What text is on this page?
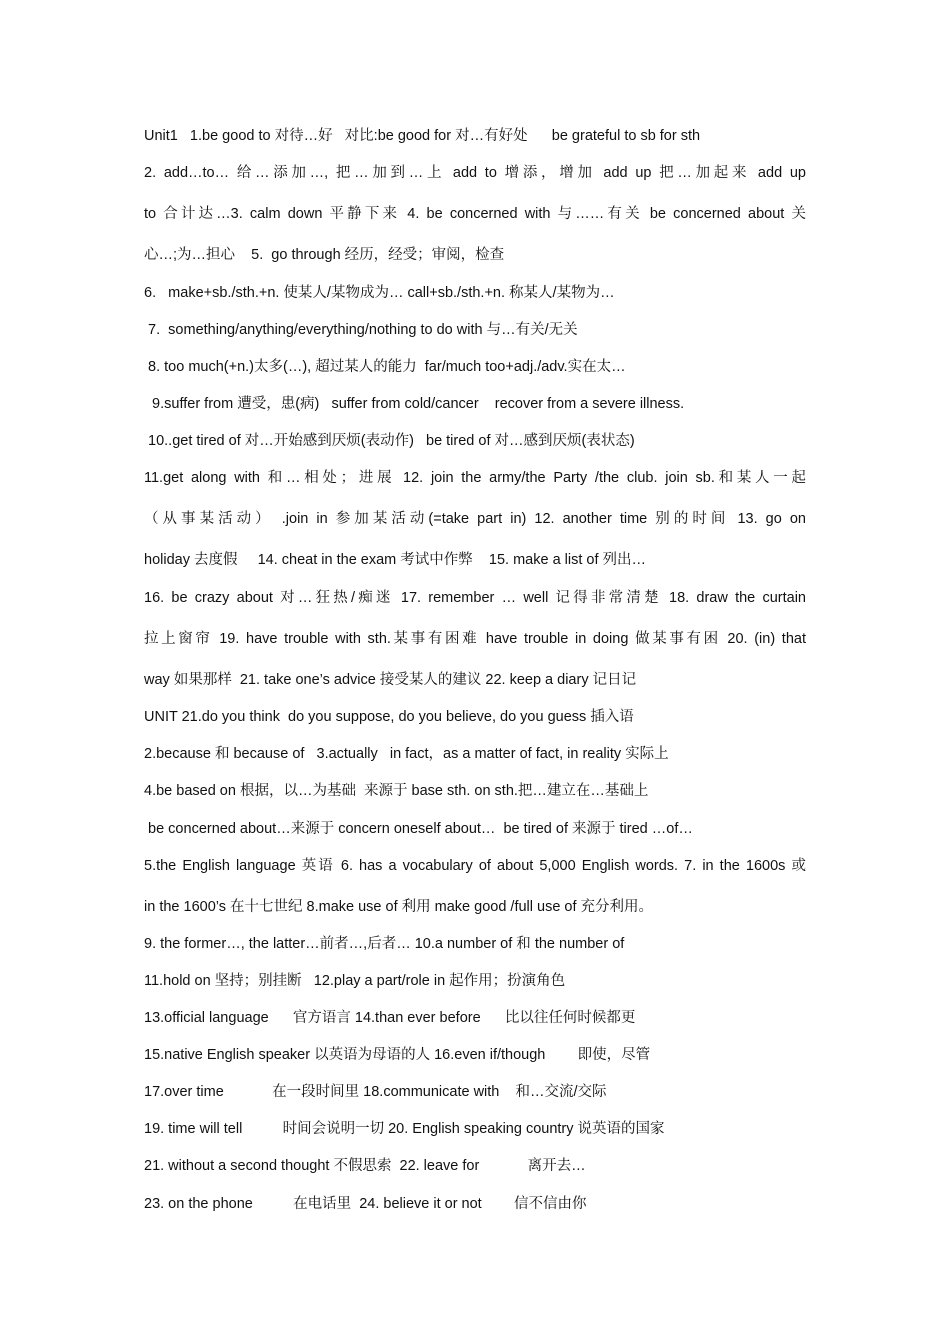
Unit1   1.be good to 对待…好   对比:be good for 对…有好处      be grateful to sb for sth
2. add…to… 给…添加…, 把…加到…上 add to 增添，增加 add up 把…加起来 add up
to 合计达…3. calm down 平静下来 4. be concerned with 与……有关 be concerned about 关
心…;为…担心    5.  go through 经历，经受；审阅，检查
6.   make+sb./sth.+n. 使某人/某物成为… call+sb./sth.+n. 称某人/某物为…
7.  something/anything/everything/nothing to do with 与…有关/无关
8. too much(+n.)太多(…), 超过某人的能力  far/much too+adj./adv.实在太…
9.suffer from 遭受，患(病)   suffer from cold/cancer    recover from a severe illness.
10..get tired of 对…开始感到厌烦(表动作)   be tired of 对…感到厌烦(表状态)
11.get along with 和…相处；进展 12. join the army/the Party /the club. join sb.和某人一起
（从事某活动） .join in 参加某活动(=take part in) 12. another time 别的时间 13. go on
holiday 去度假     14. cheat in the exam 考试中作弊    15. make a list of 列出…
16. be crazy about 对…狂热/痴迷 17. remember … well 记得非常清楚 18. draw the curtain
拉上窗帘 19. have trouble with sth.某事有困难 have trouble in doing 做某事有困 20. (in) that
way 如果那样  21. take one’s advice 接受某人的建议 22. keep a diary 记日记
UNIT 21.do you think  do you suppose, do you believe, do you guess 插入语
2.because 和 because of   3.actually   in fact，as a matter of fact, in reality 实际上
4.be based on 根据，以…为基础  来源于 base sth. on sth.把…建立在…基础上
be concerned about…来源于 concern oneself about…  be tired of 来源于 tired …of…
5.the English language 英语 6. has a vocabulary of about 5,000 English words. 7. in the 1600s 或
in the 1600’s 在十七世纪 8.make use of 利用 make good /full use of 充分利用。
9. the former…, the latter…前者…,后者… 10.a number of 和 the number of
11.hold on 坚持；别挂断   12.play a part/role in 起作用；扮演角色
13.official language      官方语言 14.than ever before      比以往任何时候都更
15.native English speaker 以英语为母语的人 16.even if/though        即使，尽管
17.over time            在一段时间里 18.communicate with    和…交流/交际
19. time will tell          时间会说明一切 20. English speaking country 说英语的国家
21. without a second thought 不假思索  22. leave for            离开去…
23. on the phone          在电话里  24. believe it or not        信不信由你
